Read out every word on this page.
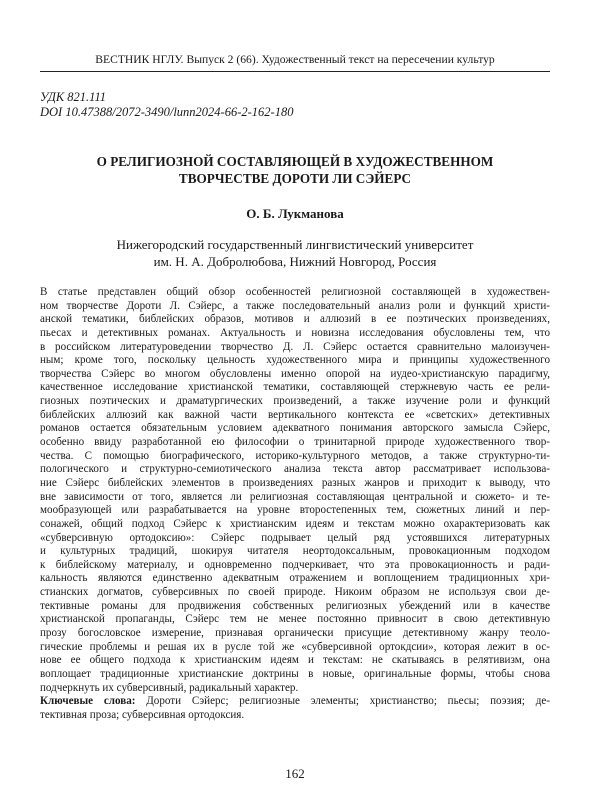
ВЕСТНИК НГЛУ. Выпуск 2 (66). Художественный текст на пересечении культур
УДК 821.111
DOI 10.47388/2072-3490/lunn2024-66-2-162-180
О РЕЛИГИОЗНОЙ СОСТАВЛЯЮЩЕЙ В ХУДОЖЕСТВЕННОМ
ТВОРЧЕСТВЕ ДОРОТИ ЛИ СЭЙЕРС
О. Б. Лукманова
Нижегородский государственный лингвистический университет
им. Н. А. Добролюбова, Нижний Новгород, Россия
В статье представлен общий обзор особенностей религиозной составляющей в художествен-
ном творчестве Дороти Л. Сэйерс, а также последовательный анализ роли и функций христи-
анской тематики, библейских образов, мотивов и аллюзий в ее поэтических произведениях,
пьесах и детективных романах. Актуальность и новизна исследования обусловлены тем, что
в российском литературоведении творчество Д. Л. Сэйерс остается сравнительно малоизучен-
ным; кроме того, поскольку цельность художественного мира и принципы художественного
творчества Сэйерс во многом обусловлены именно опорой на иудео-христианскую парадигму,
качественное исследование христианской тематики, составляющей стержневую часть ее рели-
гиозных поэтических и драматургических произведений, а также изучение роли и функций
библейских аллюзий как важной части вертикального контекста ее «светских» детективных
романов остается обязательным условием адекватного понимания авторского замысла Сэйерс,
особенно ввиду разработанной ею философии о тринитарной природе художественного твор-
чества. С помощью биографического, историко-культурного методов, а также структурно-ти-
пологического и структурно-семиотического анализа текста автор рассматривает использова-
ние Сэйерс библейских элементов в произведениях разных жанров и приходит к выводу, что
вне зависимости от того, является ли религиозная составляющая центральной и сюжето- и те-
мообразующей или разрабатывается на уровне второстепенных тем, сюжетных линий и пер-
сонажей, общий подход Сэйерс к христианским идеям и текстам можно охарактеризовать как
«субверсивную ортодоксию»: Сэйерс подрывает целый ряд устоявшихся литературных
и культурных традиций, шокируя читателя неортодоксальным, провокационным подходом
к библейскому материалу, и одновременно подчеркивает, что эта провокационность и ради-
кальность являются единственно адекватным отражением и воплощением традиционных хри-
стианских догматов, субверсивных по своей природе. Никоим образом не используя свои де-
тективные романы для продвижения собственных религиозных убеждений или в качестве
христианской пропаганды, Сэйерс тем не менее постоянно привносит в свою детективную
прозу богословское измерение, признавая органически присущие детективному жанру теоло-
гические проблемы и решая их в русле той же «субверсивной ортокдсии», которая лежит в ос-
нове ее общего подхода к христианским идеям и текстам: не скатываясь в релятивизм, она
воплощает традиционные христианские доктрины в новые, оригинальные формы, чтобы снова
подчеркнуть их субверсивный, радикальный характер.
Ключевые слова: Дороти Сэйерс; религиозные элементы; христианство; пьесы; поэзия; де-
тективная проза; субверсивная ортодоксия.
162
